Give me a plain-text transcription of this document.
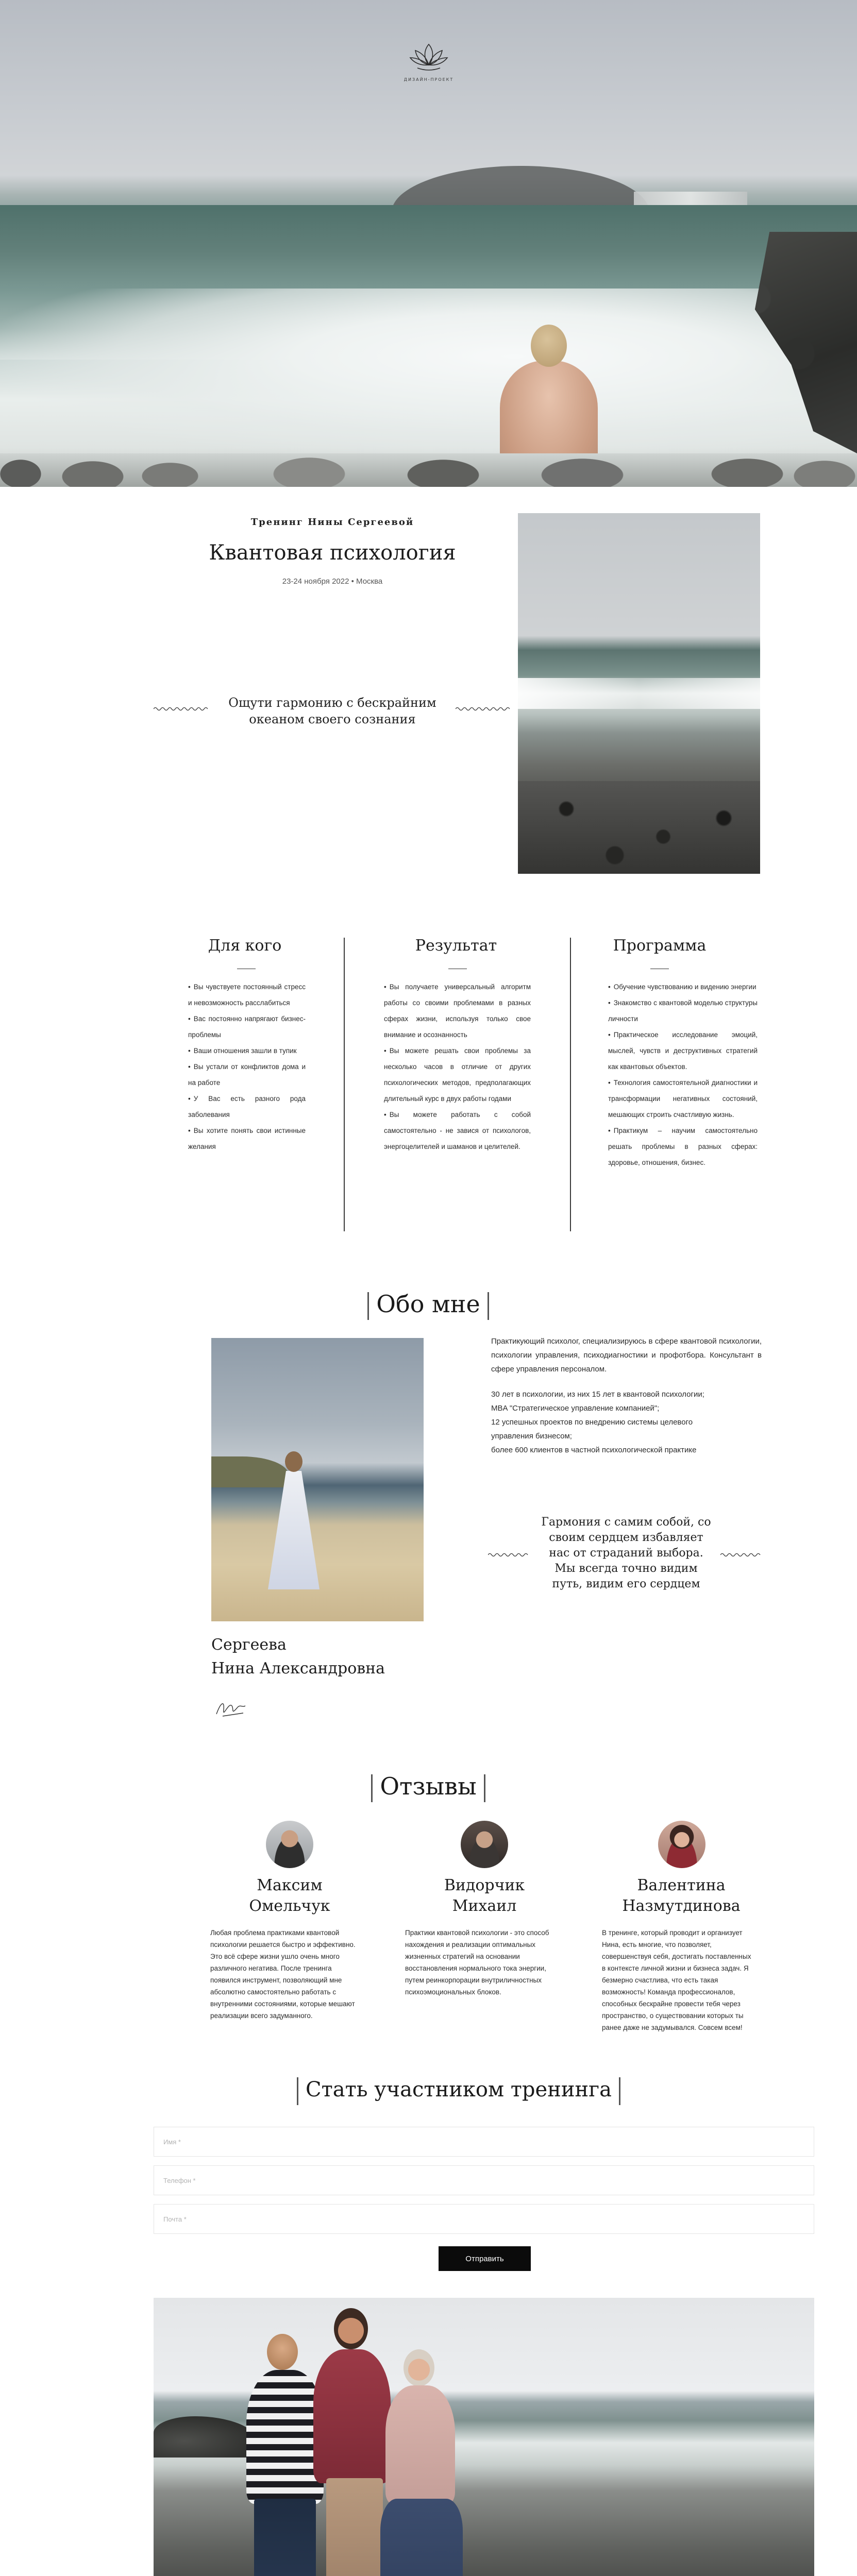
ДИЗАЙН-ПРОЕКТ
Тренинг Нины Сергеевой
Квантовая психология
23-24 ноября 2022 • Москва
Ощути гармонию с бескрайним океаном своего сознания
Для кого
• Вы чувствуете постоянный стресс и невозможность расслабиться
• Вас постоянно напрягают бизнес-проблемы
• Ваши отношения зашли в тупик
• Вы устали от конфликтов дома и на работе
• У Вас есть разного рода заболевания
• Вы хотите понять свои истинные желания
Результат
• Вы получаете универсальный алгоритм работы со своими проблемами в разных сферах жизни, используя только свое внимание и осознанность
• Вы можете решать свои проблемы за несколько часов в отличие от других психологических методов, предполагающих длительный курс в двух работы годами
• Вы можете работать с собой самостоятельно - не завися от психологов, энергоцелителей и шаманов и целителей.
Программа
• Обучение чувствованию и видению энергии
• Знакомство с квантовой моделью структуры личности
• Практическое исследование эмоций, мыслей, чувств и деструктивных стратегий как квантовых объектов.
• Технология самостоятельной диагностики и трансформации негативных состояний, мешающих строить счастливую жизнь.
• Практикум – научим самостоятельно решать проблемы в разных сферах: здоровье, отношения, бизнес.
Обо мне

Практикующий психолог, специализируюсь в сфере квантовой психологии, психологии управления, психодиагностики и профотбора. Консультант в сфере управления персоналом.

30 лет в психологии, из них 15 лет в квантовой психологии;

MBA "Стратегическое управление компанией";

12 успешных проектов по внедрению системы целевого управления бизнесом;

более 600 клиентов в частной психологической практике

Гармония с самим собой, со своим сердцем избавляет нас от страданий выбора. Мы всегда точно видим путь, видим его сердцем
Сергеева
Нина Александровна
Отзывы
Максим
Омельчук
Любая проблема практиками квантовой психологии решается быстро и эффективно. Это всё сфере жизни ушло очень много различного негатива. После тренинга появился инструмент, позволяющий мне абсолютно самостоятельно работать с внутренними состояниями, которые мешают реализации всего задуманного.
Видорчик
Михаил
Практики квантовой психологии - это способ нахождения и реализации оптимальных жизненных стратегий на основании восстановления нормального тока энергии, путем реинкорпорации внутриличностных психоэмоциональных блоков.
Валентина
Назмутдинова
В тренинге, который проводит и организует Нина, есть многие, что позволяет, совершенствуя себя, достигать поставленных в контексте личной жизни и бизнеса задач. Я безмерно счастлива, что есть такая возможность! Команда профессионалов, способных бескрайне провести тебя через пространство, о существовании которых ты ранее даже не задумывался. Совсем всем!
Стать участником тренинга
Имя *
Телефон *
Почта *
Отправить
